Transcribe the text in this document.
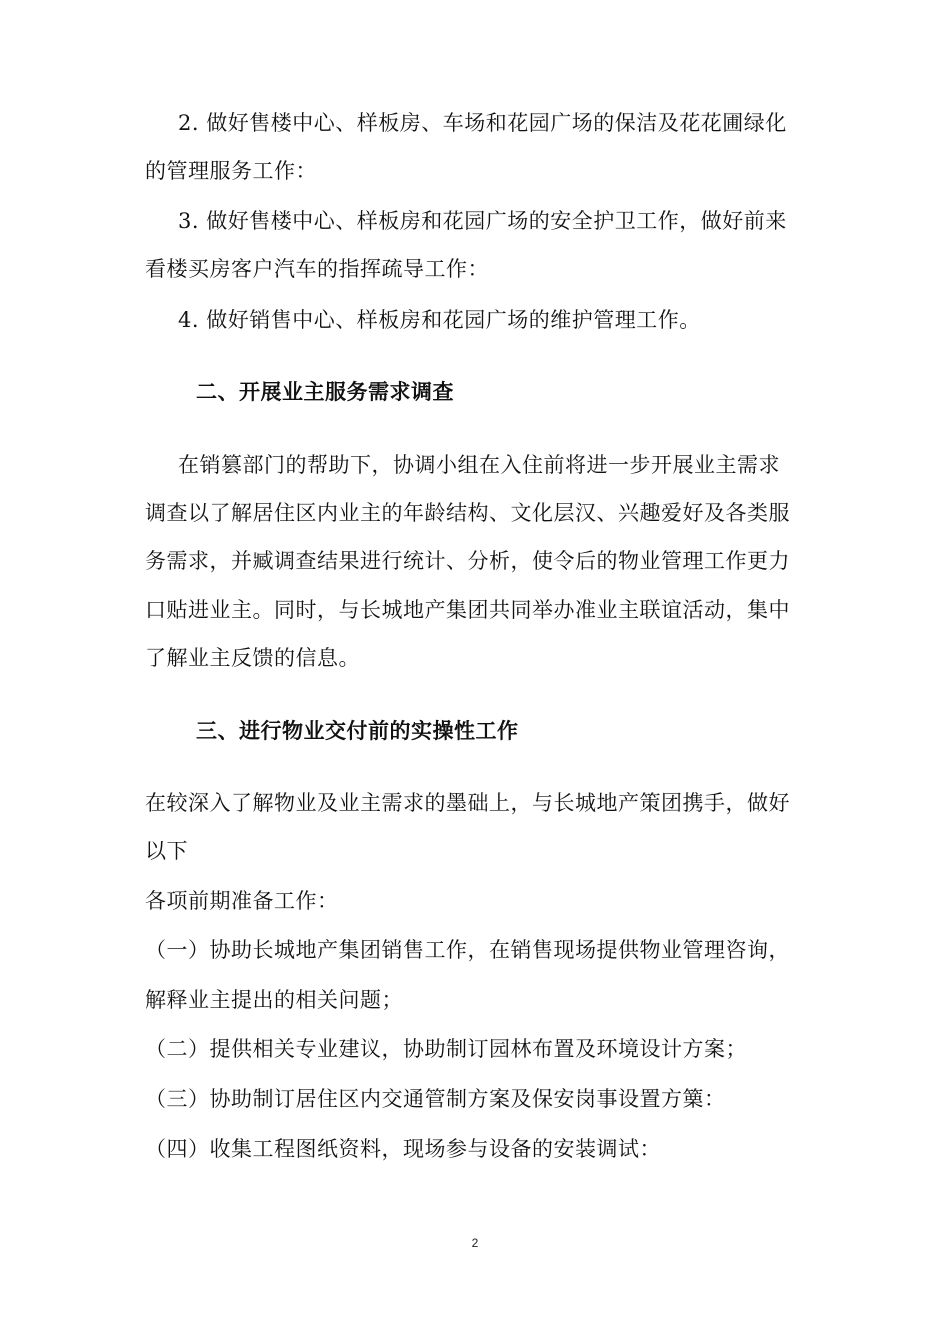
2. 做好售楼中心、样板房、车场和花园广场的保洁及花花圃绿化
的管理服务工作：
3. 做好售楼中心、样板房和花园广场的安全护卫工作，做好前来
看楼买房客户汽车的指挥疏导工作：
4. 做好销售中心、样板房和花园广场的维护管理工作。
二、开展业主服务需求调查
在销篡部门的帮助下，协调小组在入住前将进一步开展业主需求
调查以了解居住区内业主的年龄结构、文化层汉、兴趣爱好及各类服
务需求，并臧调查结果进行统计、分析，使令后的物业管理工作更力
口贴进业主。同时，与长城地产集团共同举办准业主联谊活动，集中
了解业主反馈的信息。
三、进行物业交付前的实操性工作
在较深入了解物业及业主需求的墨础上，与长城地产策团携手，做好
以下
各项前期准备工作：
（一）协助长城地产集团销售工作，在销售现场提供物业管理咨询，
解释业主提出的相关问题；
（二）提供相关专业建议，协助制订园林布置及环境设计方案；
（三）协助制订居住区内交通管制方案及保安岗事设置方篥：
（四）收集工程图纸资料，现场参与设备的安装调试：
2
